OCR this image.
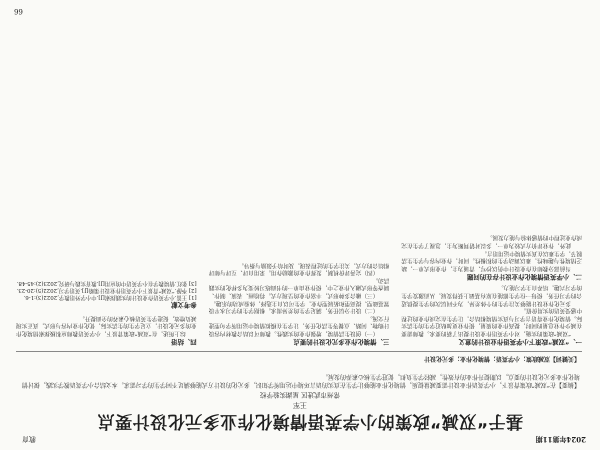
2024年第11期
教育
基于“双减”政策的小学英语情境化作业多元化设计要点
王军
常州市武进区 星湖实验学校
【摘要】在“双减”政策背景下，小学英语作业设计需要减量提质，情境化作业能够让学生在真实的语言环境中运用所学知识，多元化的设计方式能够满足不同学生的学习需求。本文结合小学英语教学实践，探讨情境化作业多元化设计的要点，以期提升作业的有效性，减轻学生负担，促进学生核心素养的发展。
【关键词】双减政策；小学英语；情境化作业；多元化设计
一、“双减”政策下小学英语作业设计的意义

“双减”政策的实施，对小学英语作业设计提出了新的要求。教师需要在减少作业总量的同时，提高作业的质量，使作业更加贴近学生的生活实际。情境化作业将语言学习与真实情境相结合，让学生在完成作业的过程中感受英语的实用价值。

多元化作业设计能够关注学生的个体差异，为不同层次的学生提供适合的学习任务，使每一位学生都能在原有基础上获得发展，从而激发学生的学习兴趣，培养自主学习能力。

二、小学英语情境化作业设计存在的问题

当前部分教师在作业设计中仍以抄写、背诵为主，作业形式单一，缺乏情境性与趣味性，难以调动学生的积极性。同时，作业内容与学生生活脱节，学生难以在真实情境中运用语言。

此外，作业评价方式较为单一，多以对错判断为主，忽视了学生在完成作业过程中的情感体验与能力发展。

三、情境化作业多元化设计的要点

（一）创设生活情境，增强作业的实践性。教师可以结合教材内容设计购物、问路、点餐等生活化任务，让学生在模拟情境中运用所学句型进行交流。

（二）设计分层任务，满足学生的差异需求。根据学生的学习水平设置基础型、提高型和拓展型作业，学生可以自主选择，体验成功的乐趣。

（三）融合多种形式，丰富作业的呈现方式。将绘画、表演、制作、调查等形式融入作业之中，使作业由单一的书面练习转变为多样化的实践活动。

（四）完善评价机制，发挥作业的激励作用。采用自评、互评与师评相结合的方式，关注学生的过程表现，及时给予鼓励与指导。

四、结语

综上所述，在“双减”政策背景下，小学英语教师应积极探索情境化作业的多元化设计，立足学生的生活实际，优化作业内容与形式，真正实现减负增效，促进学生英语核心素养的全面提升。

参考文献

[1] 王蔷.小学英语作业设计的实践探索[J].中小学外语教学,2022(3):1-6.

[2] 李静.“双减”背景下小学英语作业设计策略[J].英语学习,2022(5):20-23.

[3] 张红.情境教学在小学英语中的应用[J].教育实践与研究,2023(2):45-48.

66
